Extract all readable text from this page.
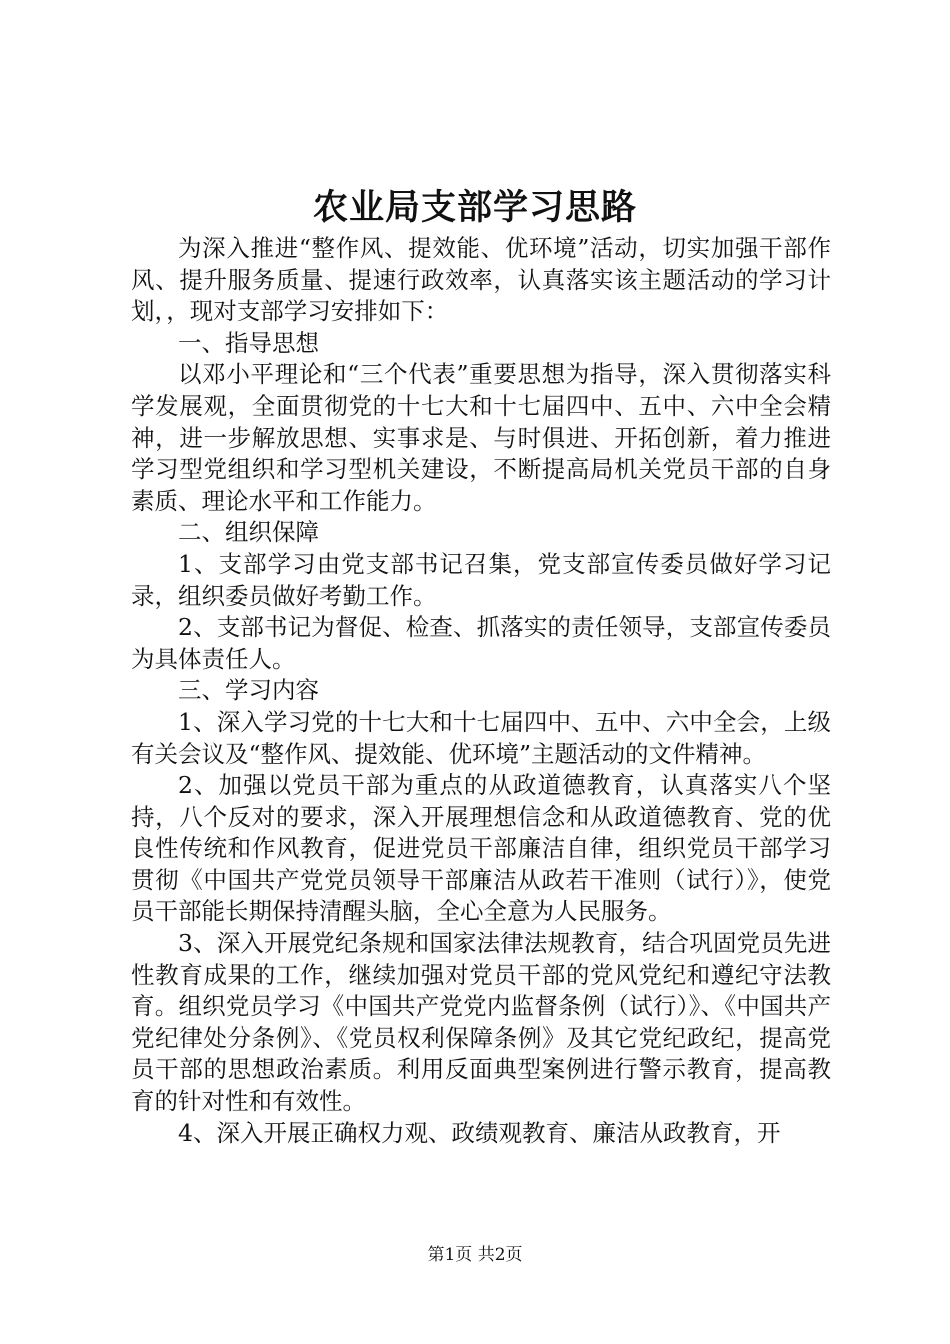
农业局支部学习思路

为深入推进“整作风、提效能、优环境”活动，切实加强干部作风、提升服务质量、提速行政效率，认真落实该主题活动的学习计划，，现对支部学习安排如下：

一、指导思想

以邓小平理论和“三个代表”重要思想为指导，深入贯彻落实科学发展观，全面贯彻党的十七大和十七届四中、五中、六中全会精神，进一步解放思想、实事求是、与时俱进、开拓创新，着力推进学习型党组织和学习型机关建设，不断提高局机关党员干部的自身素质、理论水平和工作能力。

二、组织保障

1、支部学习由党支部书记召集，党支部宣传委员做好学习记录，组织委员做好考勤工作。

2、支部书记为督促、检查、抓落实的责任领导，支部宣传委员为具体责任人。

三、学习内容

1、深入学习党的十七大和十七届四中、五中、六中全会，上级有关会议及“整作风、提效能、优环境”主题活动的文件精神。

2、加强以党员干部为重点的从政道德教育，认真落实八个坚持，八个反对的要求，深入开展理想信念和从政道德教育、党的优良性传统和作风教育，促进党员干部廉洁自律，组织党员干部学习贯彻《中国共产党党员领导干部廉洁从政若干准则（试行）》，使党员干部能长期保持清醒头脑，全心全意为人民服务。

3、深入开展党纪条规和国家法律法规教育，结合巩固党员先进性教育成果的工作，继续加强对党员干部的党风党纪和遵纪守法教育。组织党员学习《中国共产党党内监督条例（试行）》、《中国共产党纪律处分条例》、《党员权利保障条例》及其它党纪政纪，提高党员干部的思想政治素质。利用反面典型案例进行警示教育，提高教育的针对性和有效性。

4、深入开展正确权力观、政绩观教育、廉洁从政教育，开

第1页 共2页
